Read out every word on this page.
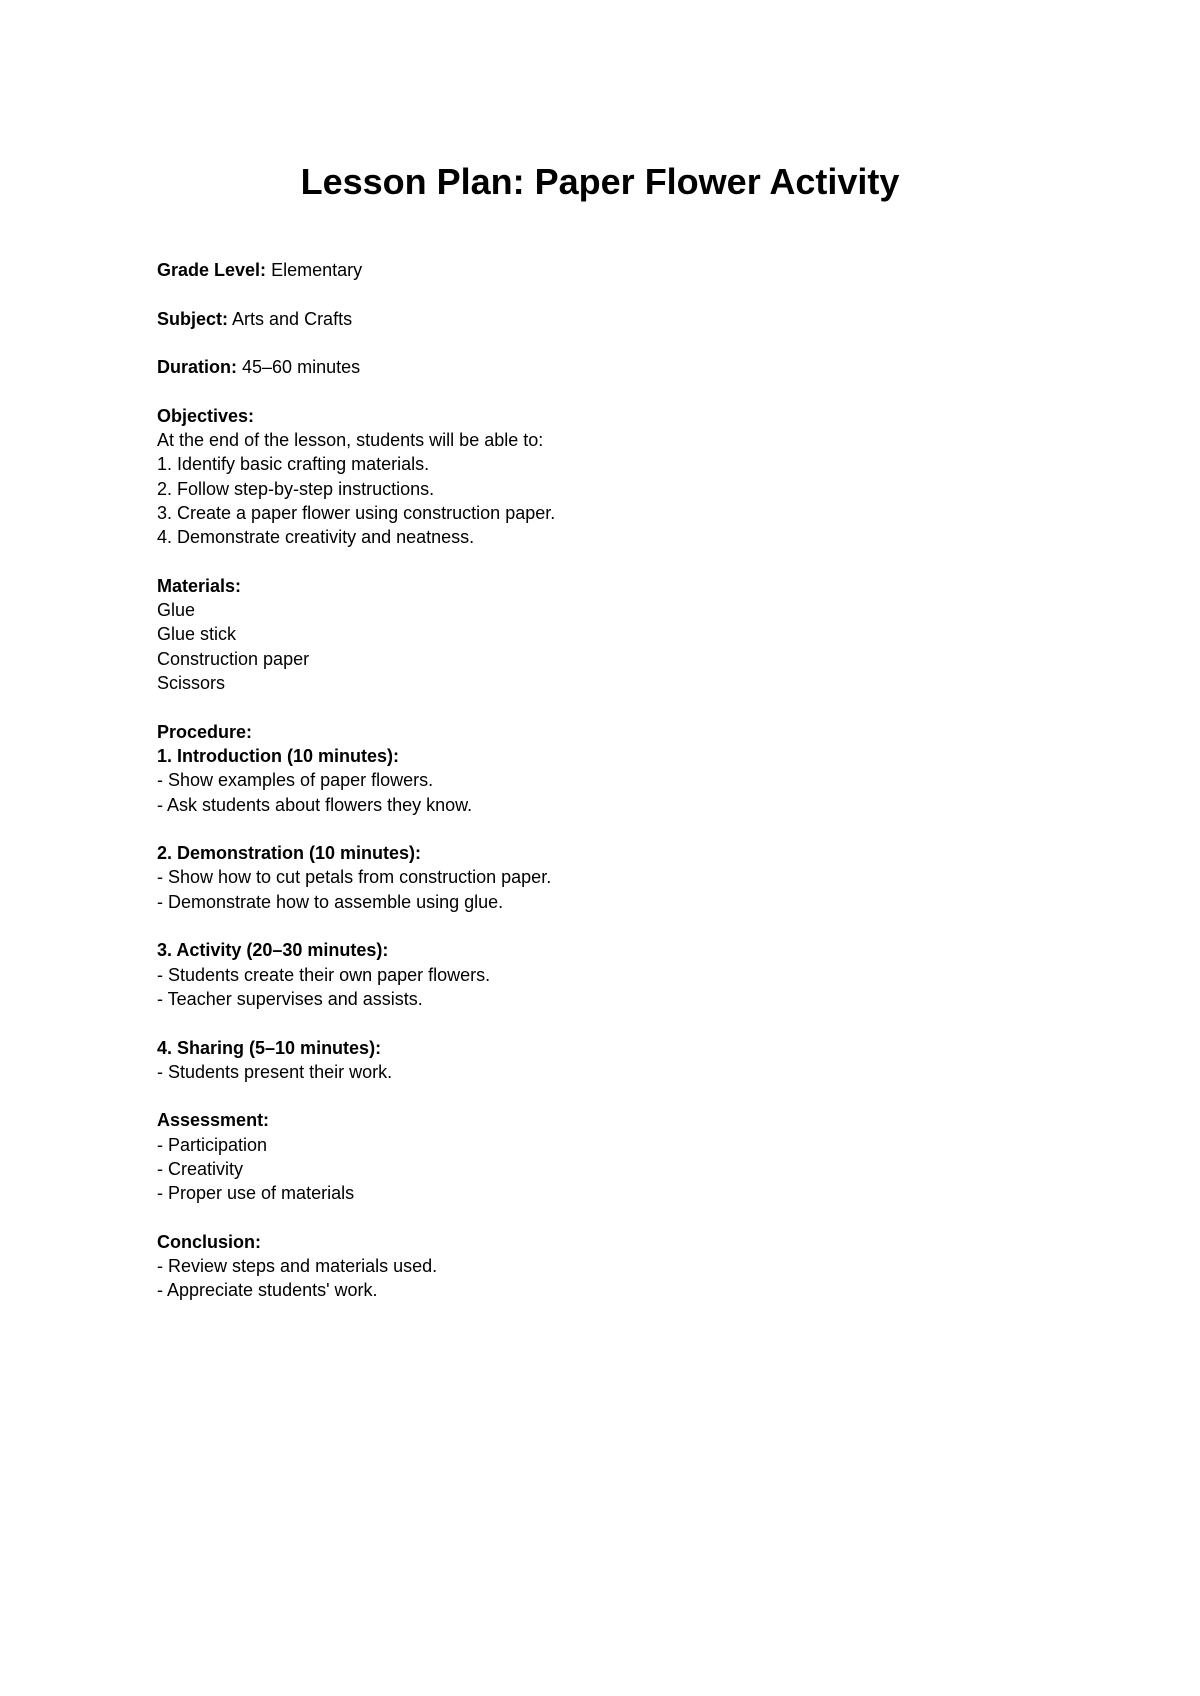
Lesson Plan: Paper Flower Activity

Grade Level: Elementary

Subject: Arts and Crafts

Duration: 45–60 minutes

Objectives:

At the end of the lesson, students will be able to:

1. Identify basic crafting materials.

2. Follow step-by-step instructions.

3. Create a paper flower using construction paper.

4. Demonstrate creativity and neatness.

Materials:

Glue

Glue stick

Construction paper

Scissors

Procedure:

1. Introduction (10 minutes):

- Show examples of paper flowers.

- Ask students about flowers they know.

2. Demonstration (10 minutes):

- Show how to cut petals from construction paper.

- Demonstrate how to assemble using glue.

3. Activity (20–30 minutes):

- Students create their own paper flowers.

- Teacher supervises and assists.

4. Sharing (5–10 minutes):

- Students present their work.

Assessment:

- Participation

- Creativity

- Proper use of materials

Conclusion:

- Review steps and materials used.

- Appreciate students' work.
